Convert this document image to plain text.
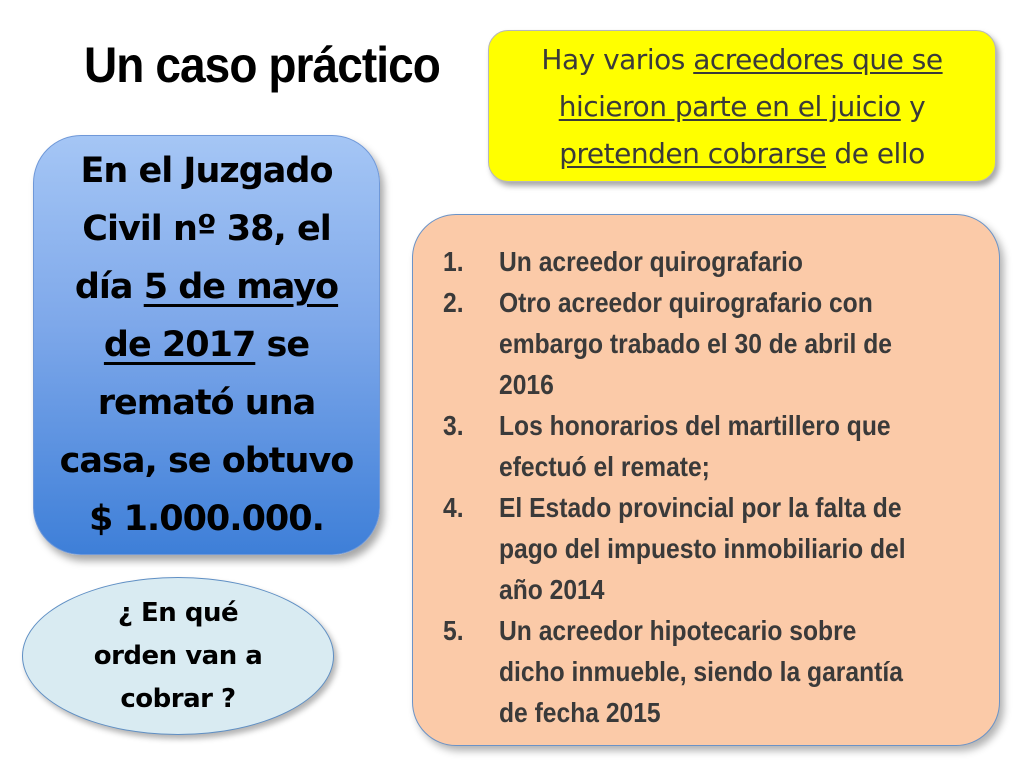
Un caso práctico	Hay varios acreedores que se
hicieron parte en el juicio y
pretenden cobrarse de ello

En el Juzgado
Civil nº 38, el
día 5 de mayo
de 2017 se
remató una
casa, se obtuvo
$ 1.000.000.

¿ En qué
orden van a
cobrar ?

1.	Un acreedor quirografario
2.	Otro acreedor quirografario con
embargo trabado el 30 de abril de
2016
3.	Los honorarios del martillero que
efectuó el remate;
4.	El Estado provincial por la falta de
pago del impuesto inmobiliario del
año 2014
5.	Un acreedor hipotecario sobre
dicho inmueble, siendo la garantía
de fecha 2015
